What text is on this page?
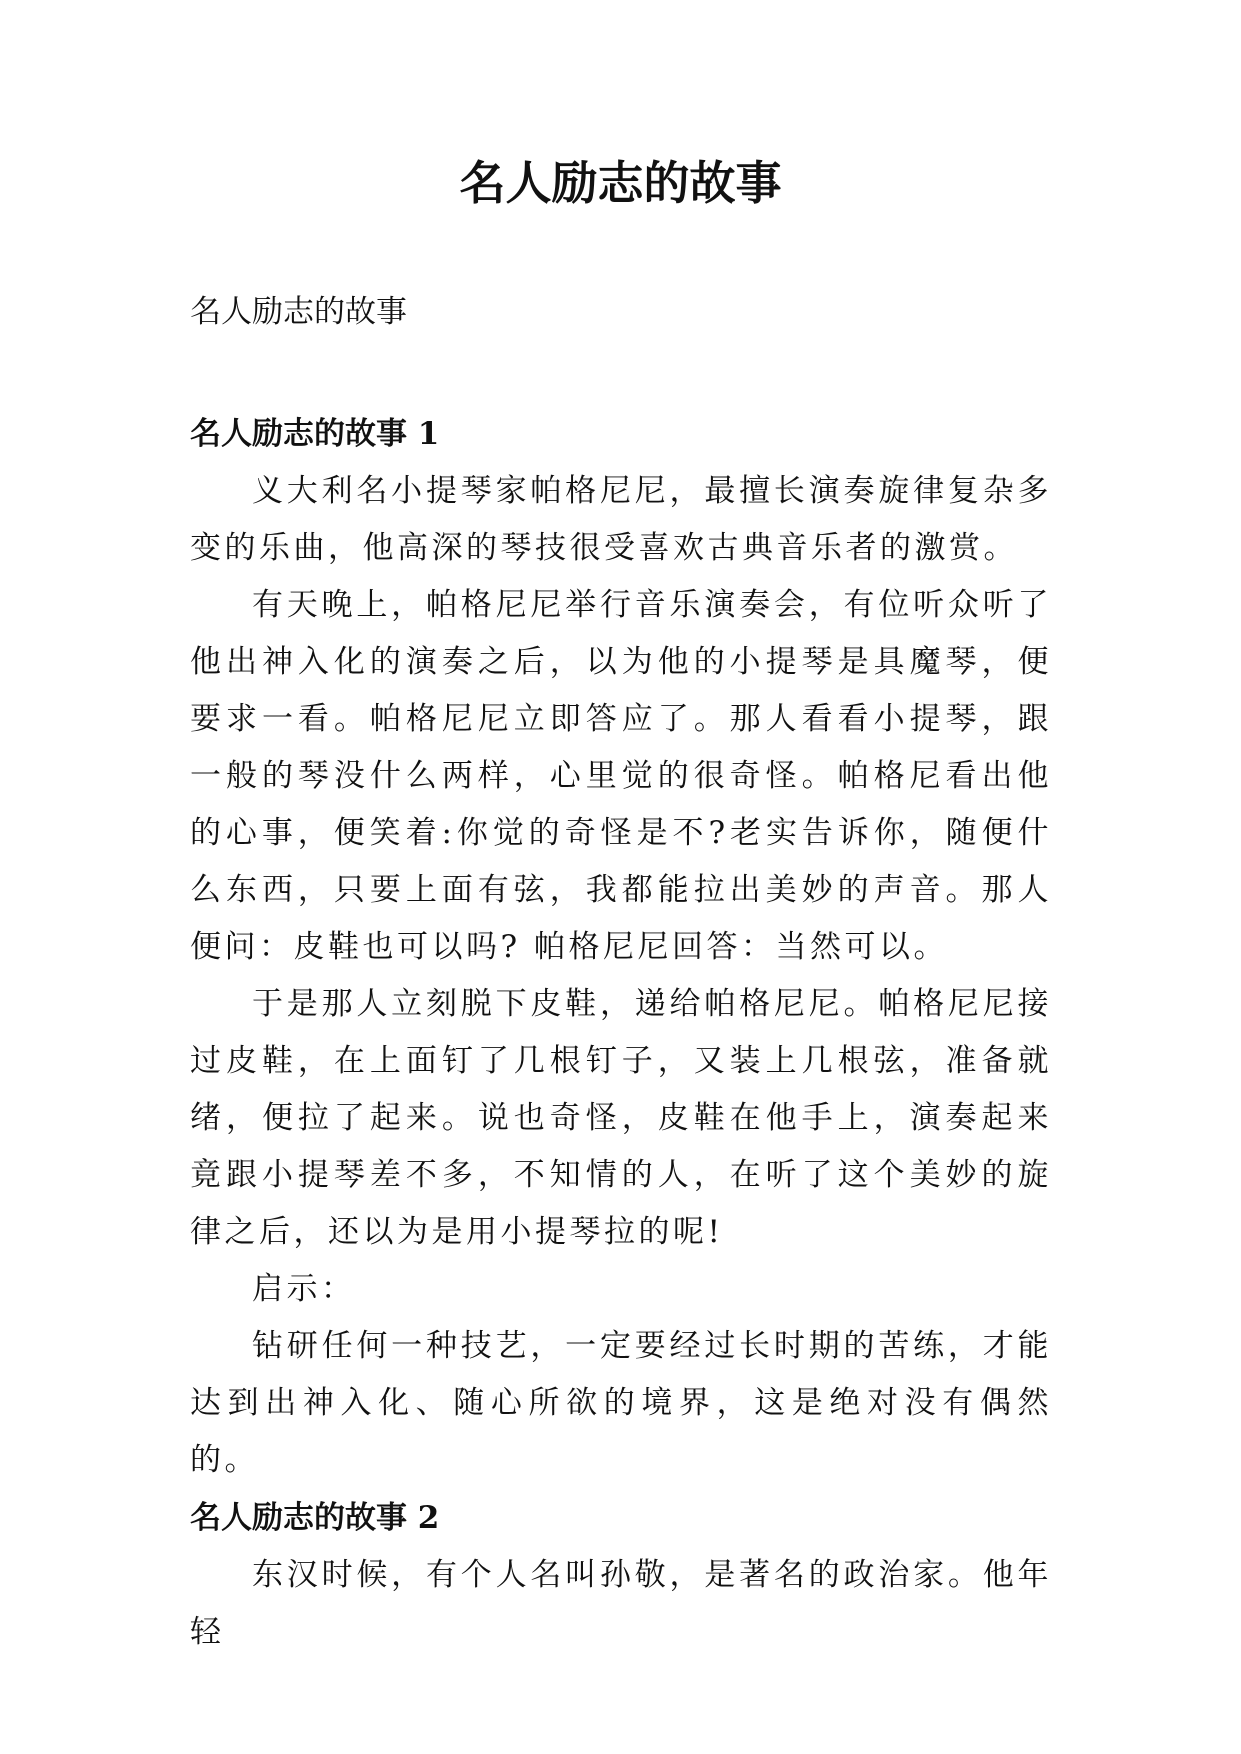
名人励志的故事

名人励志的故事

名人励志的故事 1

义大利名小提琴家帕格尼尼，最擅长演奏旋律复杂多变的乐曲，他高深的琴技很受喜欢古典音乐者的激赏。

有天晚上，帕格尼尼举行音乐演奏会，有位听众听了他出神入化的演奏之后，以为他的小提琴是具魔琴，便要求一看。帕格尼尼立即答应了。那人看看小提琴，跟一般的琴没什么两样，心里觉的很奇怪。帕格尼看出他的心事，便笑着:你觉的奇怪是不?老实告诉你，随便什么东西，只要上面有弦，我都能拉出美妙的声音。那人便问：皮鞋也可以吗? 帕格尼尼回答：当然可以。

于是那人立刻脱下皮鞋，递给帕格尼尼。帕格尼尼接过皮鞋，在上面钉了几根钉子，又装上几根弦，准备就绪，便拉了起来。说也奇怪，皮鞋在他手上，演奏起来竟跟小提琴差不多，不知情的人，在听了这个美妙的旋律之后，还以为是用小提琴拉的呢!

启示：

钻研任何一种技艺，一定要经过长时期的苦练，才能达到出神入化、随心所欲的境界，这是绝对没有偶然的。

名人励志的故事 2

东汉时候，有个人名叫孙敬，是著名的政治家。他年轻
